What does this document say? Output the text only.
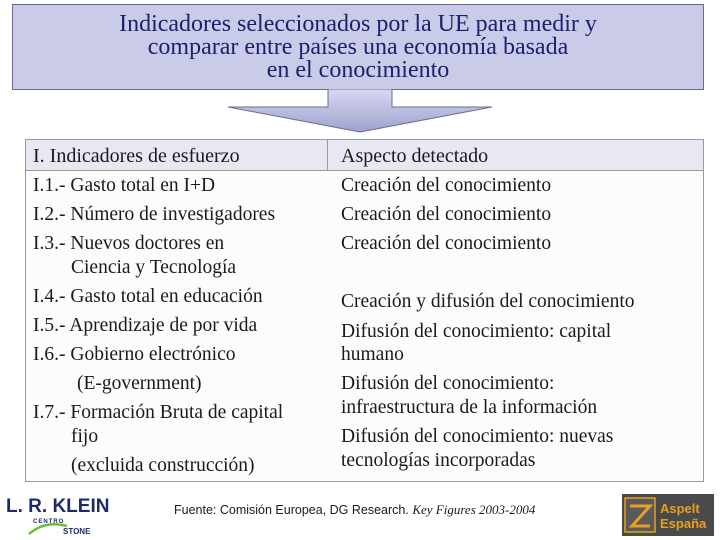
Indicadores seleccionados por la UE para medir y
comparar entre países una economía basada
en el conocimiento
I. Indicadores de esfuerzo	Aspecto detectado
I.1.- Gasto total en I+D
I.2.- Número de investigadores
I.3.- Nuevos doctores en
Ciencia y Tecnología
I.4.- Gasto total en educación
I.5.- Aprendizaje de por vida
I.6.- Gobierno electrónico
(E-government)
I.7.- Formación Bruta de capital
fijo
(excluida construcción)
Creación del conocimiento
Creación del conocimiento
Creación del conocimiento
Creación y difusión del conocimiento
Difusión del conocimiento: capital
humano
Difusión del conocimiento:
infraestructura de la información
Difusión del conocimiento: nuevas
tecnologías incorporadas
L. R. KLEIN
CENTRO
STONE
Fuente: Comisión Europea, DG Research. Key Figures 2003-2004	Aspelt
España
